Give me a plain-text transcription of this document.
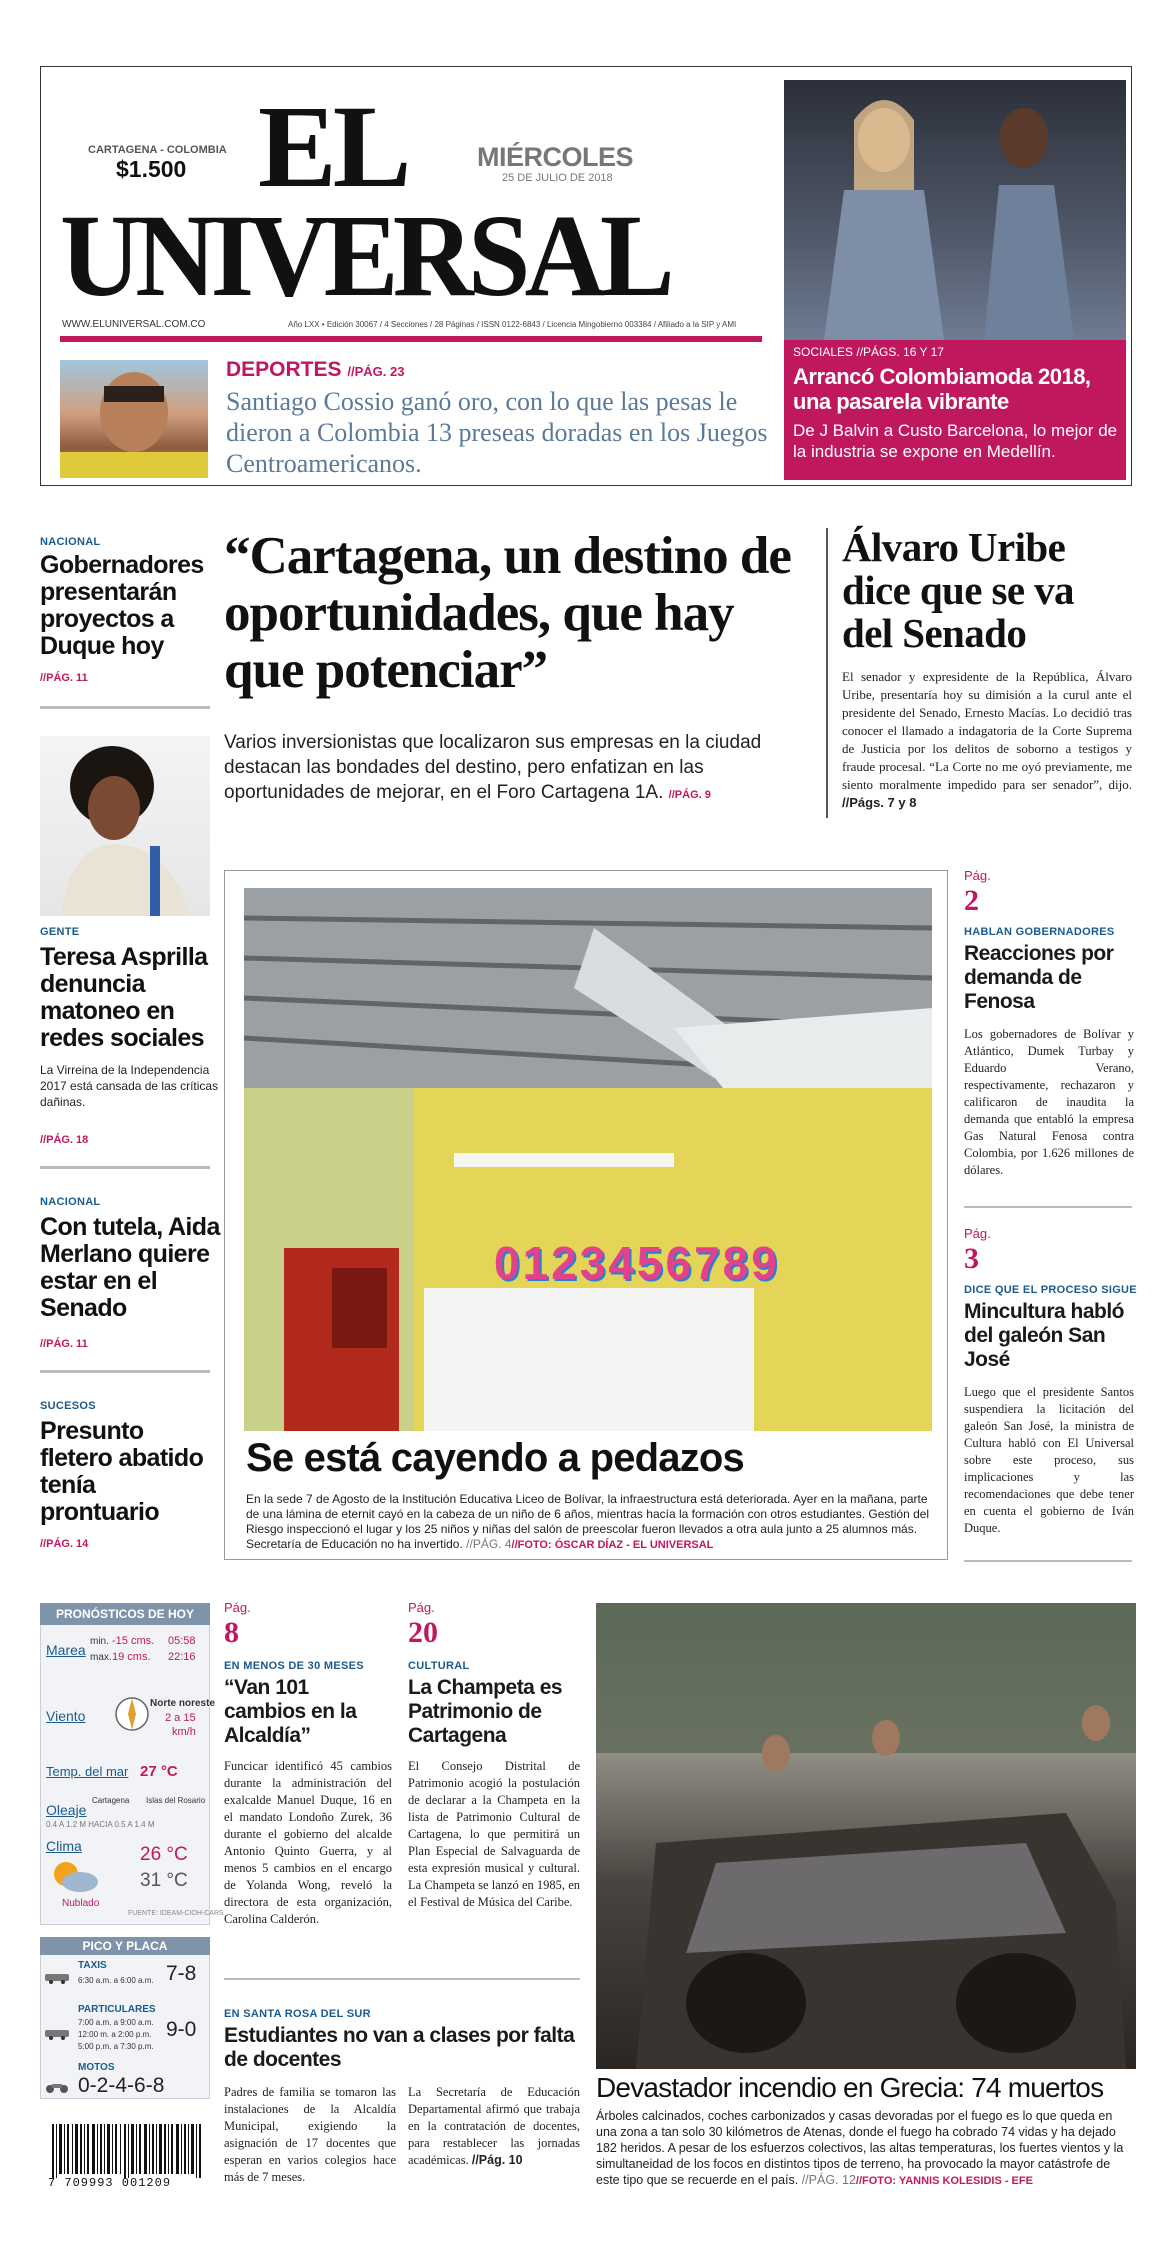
CARTAGENA - COLOMBIA
$1.500 EL
UNIVERSAL
MIÉRCOLES
25 DE JULIO DE 2018
WWW.ELUNIVERSAL.COM.CO	Año LXX • Edición 30067 / 4 Secciones / 28 Páginas / ISSN 0122-6843 / Licencia Mingobierno 003384 / Afiliado a la SIP y AMI
DEPORTES //PÁG. 23
Santiago Cossio ganó oro, con lo que las pesas le dieron a Colombia 13 preseas doradas en los Juegos Centroamericanos.
SOCIALES //PÁGS. 16 Y 17
Arrancó Colombiamoda 2018, una pasarela vibrante
De J Balvin a Custo Barcelona, lo mejor de la industria se expone en Medellín.
NACIONAL
Gobernadores presentarán proyectos a Duque hoy
//PÁG. 11
GENTE
Teresa Asprilla denuncia matoneo en redes sociales
La Virreina de la Independencia 2017 está cansada de las críticas dañinas.
//PÁG. 18
NACIONAL
Con tutela, Aida Merlano quiere estar en el Senado
//PÁG. 11
SUCESOS
Presunto fletero abatido tenía prontuario
//PÁG. 14
“Cartagena, un destino de oportunidades, que hay que potenciar”
Varios inversionistas que localizaron sus empresas en la ciudad destacan las bondades del destino, pero enfatizan en las oportunidades de mejorar, en el Foro Cartagena 1A. //PÁG. 9
Álvaro Uribe dice que se va del Senado
El senador y expresidente de la República, Álvaro Uribe, presentaría hoy su dimisión a la curul ante el presidente del Senado, Ernesto Macías. Lo decidió tras conocer el llamado a indagatoria de la Corte Suprema de Justicia por los delitos de soborno a testigos y fraude procesal. “La Corte no me oyó previamente, me siento moralmente impedido para ser senador”, dijo. //Págs. 7 y 8
0123456789
Se está cayendo a pedazos
En la sede 7 de Agosto de la Institución Educativa Liceo de Bolívar, la infraestructura está deteriorada. Ayer en la mañana, parte de una lámina de eternit cayó en la cabeza de un niño de 6 años, mientras hacía la formación con otros estudiantes. Gestión del Riesgo inspeccionó el lugar y los 25 niños y niñas del salón de preescolar fueron llevados a otra aula junto a 25 alumnos más. Secretaría de Educación no ha invertido. //PÁG. 4//FOTO: ÓSCAR DÍAZ - EL UNIVERSAL
Pág.
2
HABLAN GOBERNADORES
Reacciones por demanda de Fenosa
Los gobernadores de Bolívar y Atlántico, Dumek Turbay y Eduardo Verano, respectivamente, rechazaron y calificaron de inaudita la demanda que entabló la empresa Gas Natural Fenosa contra Colombia, por 1.626 millones de dólares.
Pág.
3
DICE QUE EL PROCESO SIGUE
Mincultura habló del galeón San José
Luego que el presidente Santos suspendiera la licitación del galeón San José, la ministra de Cultura habló con El Universal sobre este proceso, sus implicaciones y las recomendaciones que debe tener en cuenta el gobierno de Iván Duque.
PRONÓSTICOS DE HOY
Marea
min. -15 cms. 05:58
max. 19 cms. 22:16
Viento
Norte noreste
2 a 15
km/h
Temp. del mar 27 °C
Oleaje
Cartagena Islas del Rosario
0.4 A 1.2 M HACIA 0.5 A 1.4 M
Clima	26 °C
31 °C
Nublado
FUENTE: IDEAM-CIOH-CARS
PICO Y PLACA
TAXIS
6:30 a.m. a 6:00 a.m. 7-8
PARTICULARES
7:00 a.m. a 9:00 a.m.
12:00 m. a 2:00 p.m.
5:00 p.m. a 7:30 p.m.
9-0
MOTOS
0-2-4-6-8
7 709993 001209
Pág.
8
EN MENOS DE 30 MESES
“Van 101 cambios en la Alcaldía”
Funcicar identificó 45 cambios durante la administración del exalcalde Manuel Duque, 16 en el mandato Londoño Zurek, 36 durante el gobierno del alcalde Antonio Quinto Guerra, y al menos 5 cambios en el encargo de Yolanda Wong, reveló la directora de esta organización, Carolina Calderón.
Pág.
20
CULTURAL
La Champeta es Patrimonio de Cartagena
El Consejo Distrital de Patrimonio acogió la postulación de declarar a la Champeta en la lista de Patrimonio Cultural de Cartagena, lo que permitirá un Plan Especial de Salvaguarda de esta expresión musical y cultural. La Champeta se lanzó en 1985, en el Festival de Música del Caribe.
EN SANTA ROSA DEL SUR
Estudiantes no van a clases por falta de docentes
Padres de familia se tomaron las instalaciones de la Alcaldía Municipal, exigiendo la asignación de 17 docentes que esperan en varios colegios hace más de 7 meses.
La Secretaría de Educación Departamental afirmó que trabaja en la contratación de docentes, para restablecer las jornadas académicas. //Pág. 10
Devastador incendio en Grecia: 74 muertos
Árboles calcinados, coches carbonizados y casas devoradas por el fuego es lo que queda en una zona a tan solo 30 kilómetros de Atenas, donde el fuego ha cobrado 74 vidas y ha dejado 182 heridos. A pesar de los esfuerzos colectivos, las altas temperaturas, los fuertes vientos y la simultaneidad de los focos en distintos tipos de terreno, ha provocado la mayor catástrofe de este tipo que se recuerde en el país. //PÁG. 12//FOTO: YANNIS KOLESIDIS - EFE
